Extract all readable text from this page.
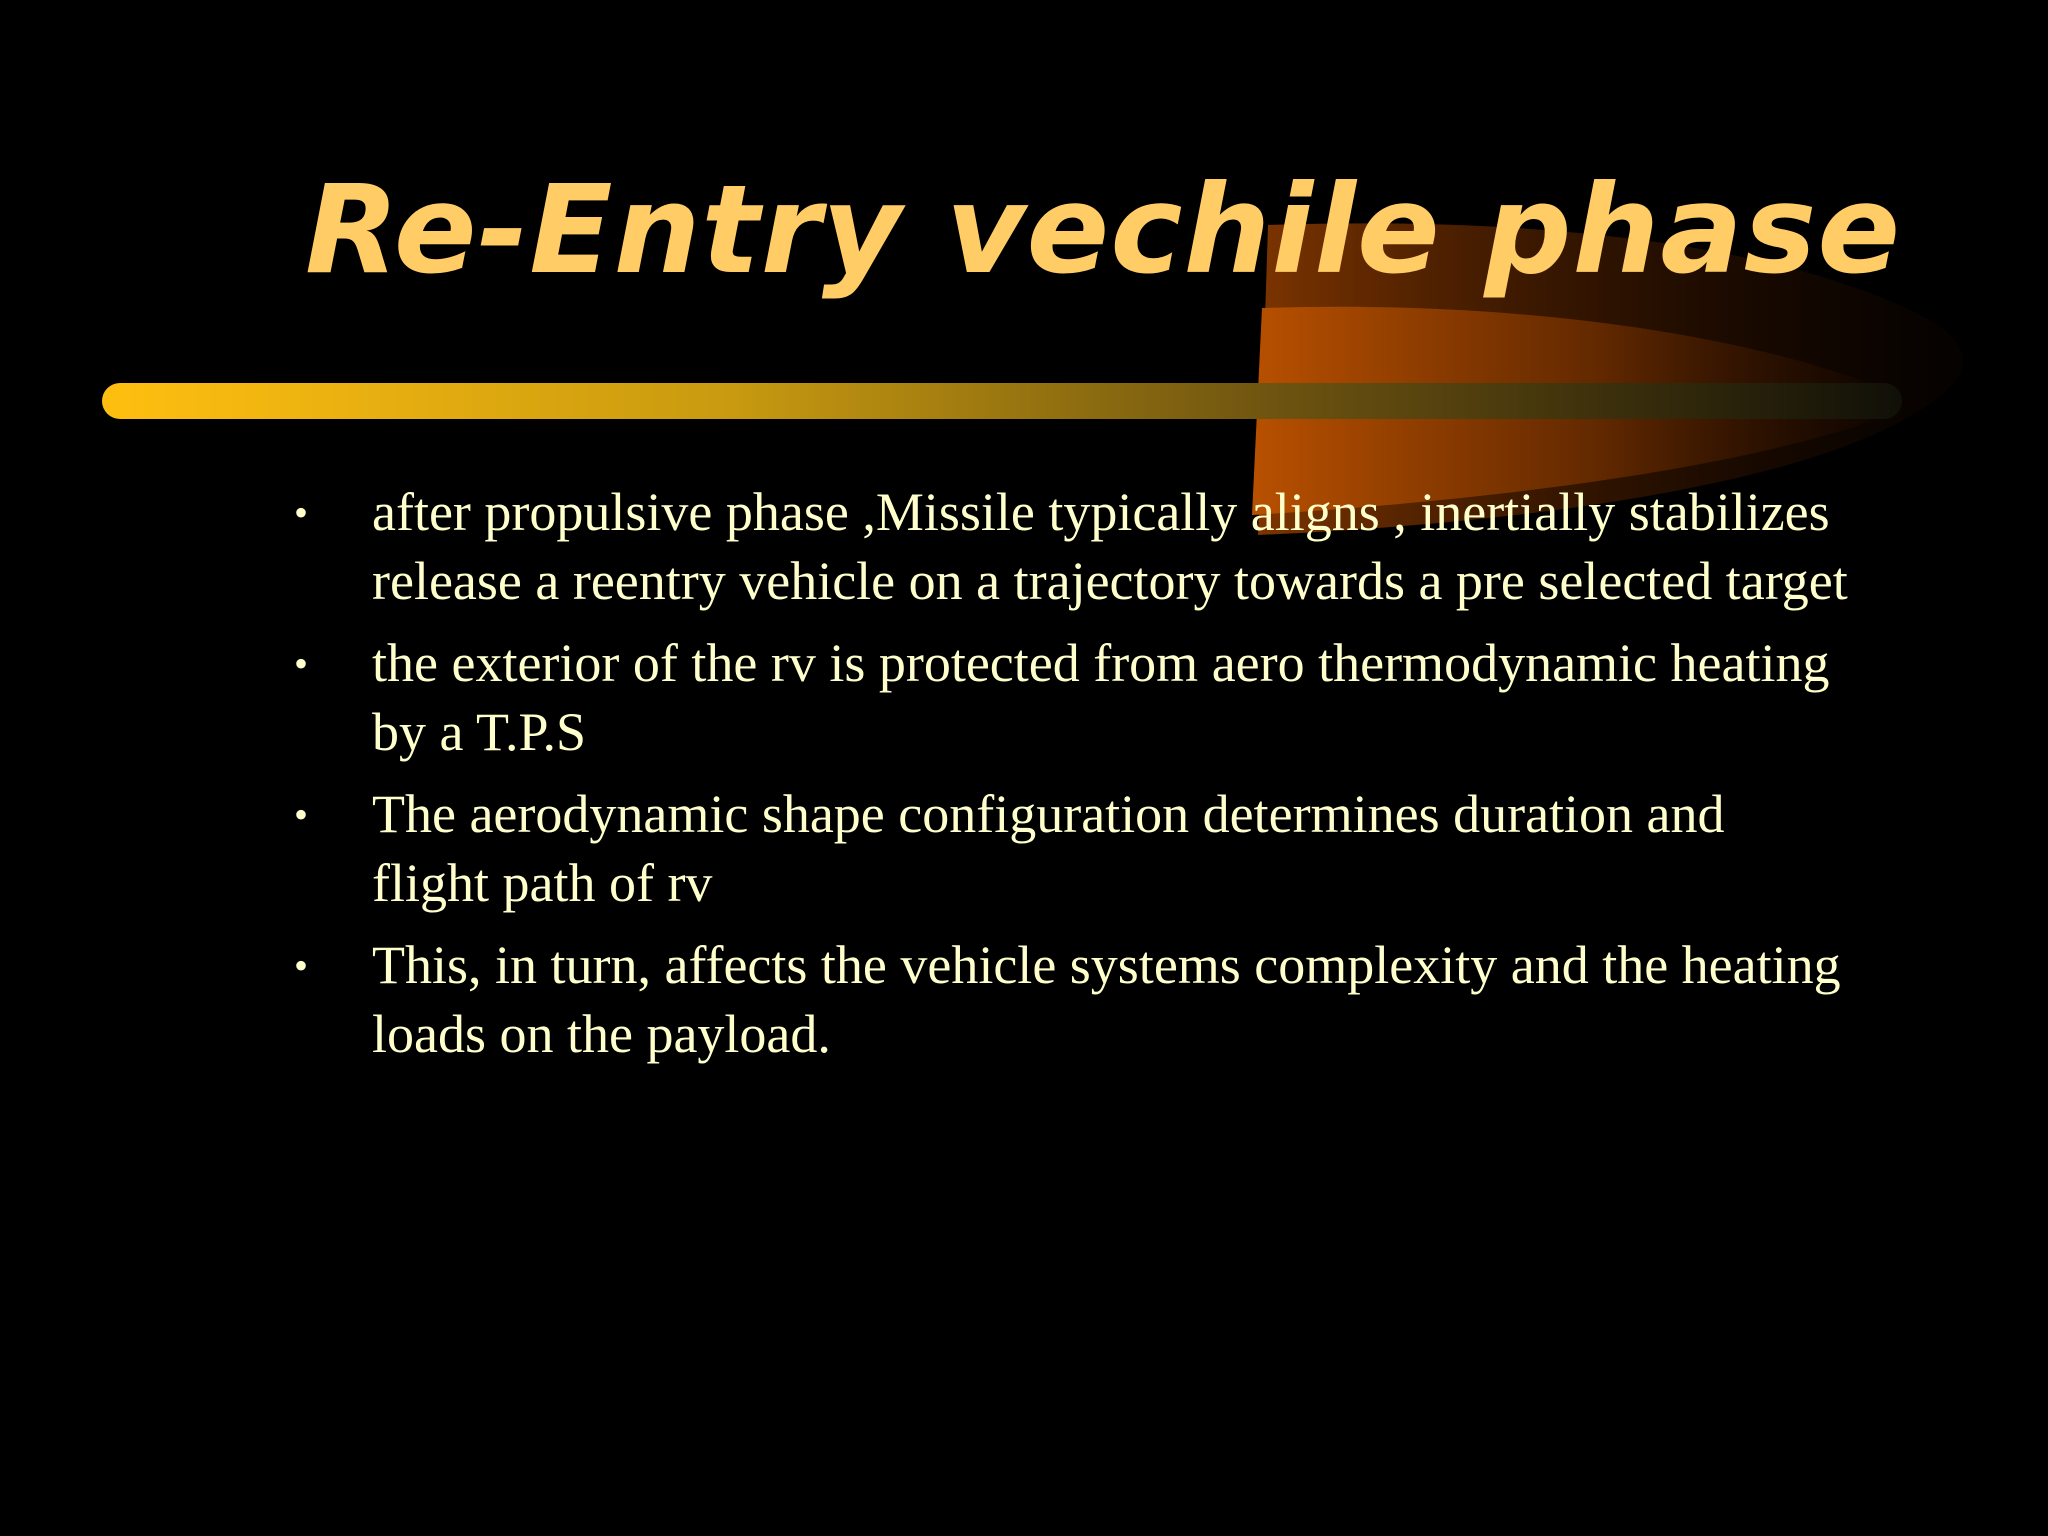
Re-Entry vechile phase
• after propulsive phase ,Missile typically aligns , inertially stabilizes release a reentry vehicle on a trajectory towards a pre selected target
• the exterior of the rv is protected from aero thermodynamic heating by a T.P.S
• The aerodynamic shape configuration determines duration and flight path of rv
• This, in turn, affects the vehicle systems complexity and the heating loads on the payload.
